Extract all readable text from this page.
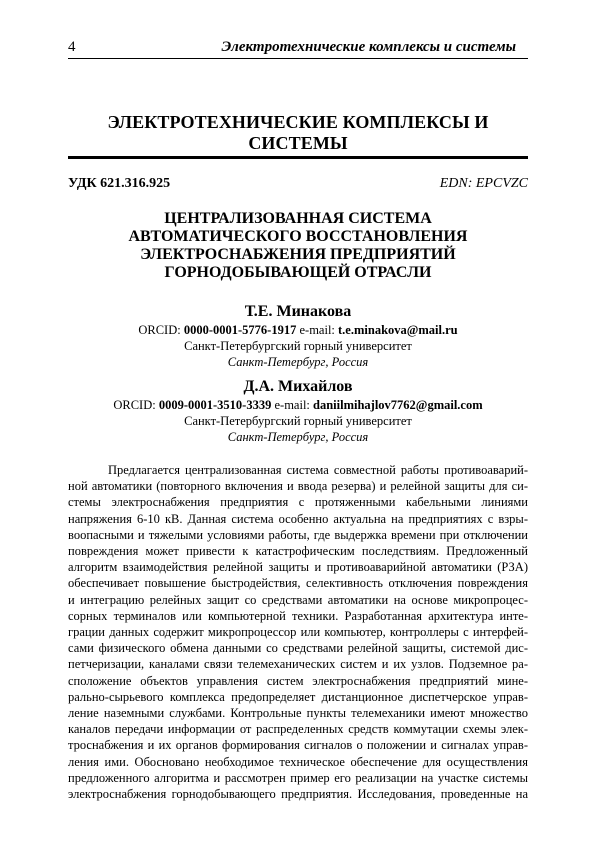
4	Электротехнические комплексы и системы
ЭЛЕКТРОТЕХНИЧЕСКИЕ КОМПЛЕКСЫ И СИСТЕМЫ
УДК 621.316.925	EDN: EPCVZC
ЦЕНТРАЛИЗОВАННАЯ СИСТЕМА
АВТОМАТИЧЕСКОГО ВОССТАНОВЛЕНИЯ
ЭЛЕКТРОСНАБЖЕНИЯ ПРЕДПРИЯТИЙ
ГОРНОДОБЫВАЮЩЕЙ ОТРАСЛИ
Т.Е. Минакова
ORCID: 0000-0001-5776-1917 e-mail: t.e.minakova@mail.ru
Санкт-Петербургский горный университет
Санкт-Петербург, Россия
Д.А. Михайлов
ORCID: 0009-0001-3510-3339 e-mail: daniilmihajlov7762@gmail.com
Санкт-Петербургский горный университет
Санкт-Петербург, Россия
Предлагается централизованная система совместной работы противоаварий-
ной автоматики (повторного включения и ввода резерва) и релейной защиты для си-
стемы электроснабжения предприятия с протяженными кабельными линиями
напряжения 6-10 кВ. Данная система особенно актуальна на предприятиях с взры-
воопасными и тяжелыми условиями работы, где выдержка времени при отключении
повреждения может привести к катастрофическим последствиям. Предложенный
алгоритм взаимодействия релейной защиты и противоаварийной автоматики (РЗА)
обеспечивает повышение быстродействия, селективность отключения повреждения
и интеграцию релейных защит со средствами автоматики на основе микропроцес-
сорных терминалов или компьютерной техники. Разработанная архитектура инте-
грации данных содержит микропроцессор или компьютер, контроллеры с интерфей-
сами физического обмена данными со средствами релейной защиты, системой дис-
петчеризации, каналами связи телемеханических систем и их узлов. Подземное ра-
сположение объектов управления систем электроснабжения предприятий мине-
рально-сырьевого комплекса предопределяет дистанционное диспетчерское управ-
ление наземными службами. Контрольные пункты телемеханики имеют множество
каналов передачи информации от распределенных средств коммутации схемы элек-
троснабжения и их органов формирования сигналов о положении и сигналах управ-
ления ими. Обосновано необходимое техническое обеспечение для осуществления
предложенного алгоритма и рассмотрен пример его реализации на участке системы
электроснабжения горнодобывающего предприятия. Исследования, проведенные на
